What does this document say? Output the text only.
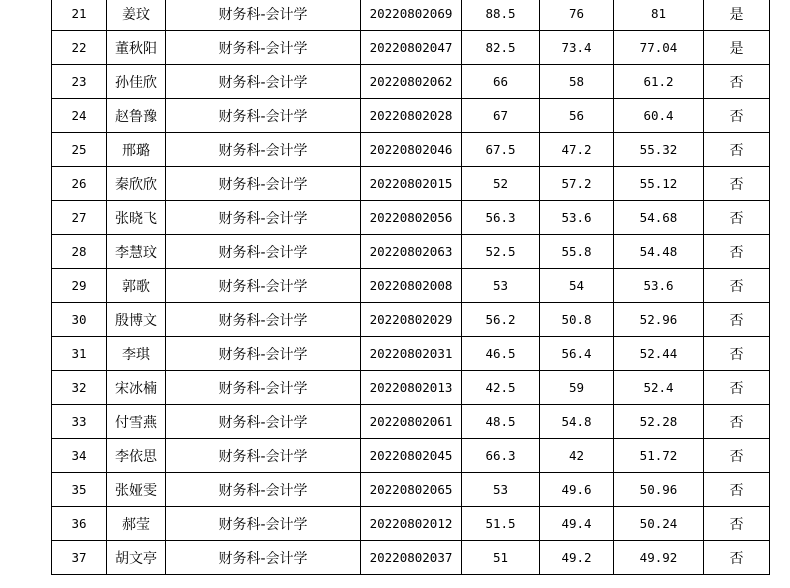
21	姜玟	财务科-会计学	20220802069	88.5	76	81	是
22	董秋阳	财务科-会计学	20220802047	82.5	73.4	77.04	是
23	孙佳欣	财务科-会计学	20220802062	66	58	61.2	否
24	赵鲁豫	财务科-会计学	20220802028	67	56	60.4	否
25	邢璐	财务科-会计学	20220802046	67.5	47.2	55.32	否
26	秦欣欣	财务科-会计学	20220802015	52	57.2	55.12	否
27	张晓飞	财务科-会计学	20220802056	56.3	53.6	54.68	否
28	李慧玟	财务科-会计学	20220802063	52.5	55.8	54.48	否
29	郭歌	财务科-会计学	20220802008	53	54	53.6	否
30	殷博文	财务科-会计学	20220802029	56.2	50.8	52.96	否
31	李琪	财务科-会计学	20220802031	46.5	56.4	52.44	否
32	宋冰楠	财务科-会计学	20220802013	42.5	59	52.4	否
33	付雪燕	财务科-会计学	20220802061	48.5	54.8	52.28	否
34	李依思	财务科-会计学	20220802045	66.3	42	51.72	否
35	张娅雯	财务科-会计学	20220802065	53	49.6	50.96	否
36	郝莹	财务科-会计学	20220802012	51.5	49.4	50.24	否
37	胡文亭	财务科-会计学	20220802037	51	49.2	49.92	否
